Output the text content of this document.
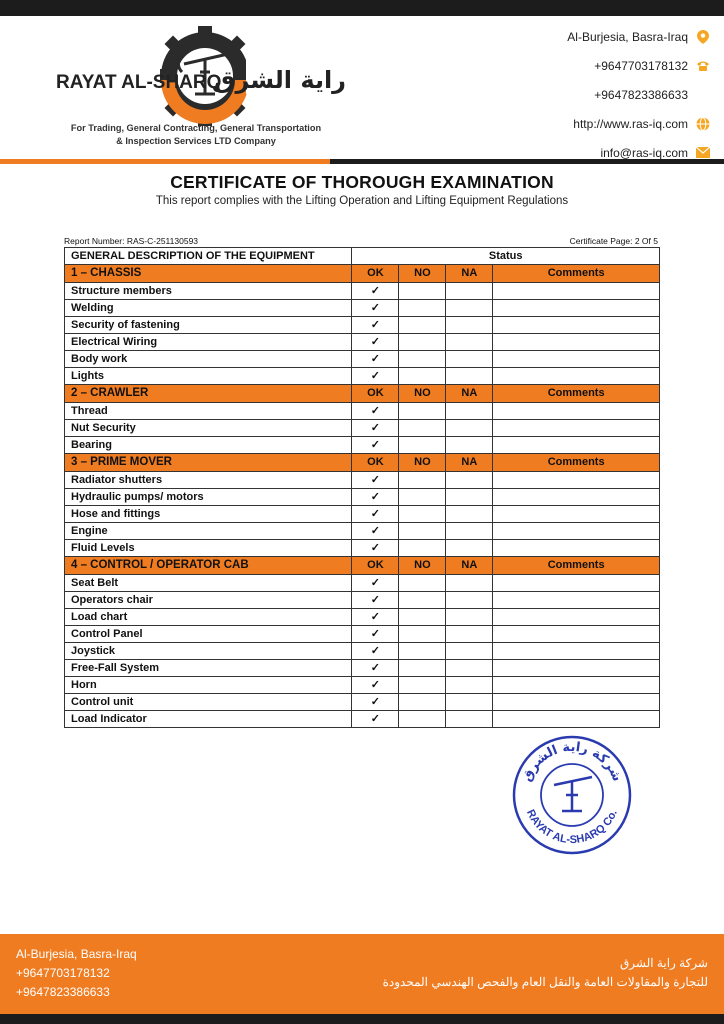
RAYAT AL-SHARQ
راية الشرق
For Trading, General Contracting, General Transportation
& Inspection Services LTD Company
Al-Burjesia, Basra-Iraq
+9647703178132
+9647823386633
http://www.ras-iq.com
info@ras-iq.com
CERTIFICATE OF THOROUGH EXAMINATION
This report complies with the Lifting Operation and Lifting Equipment Regulations
Report Number: RAS-C-251130593	Certificate Page: 2 Of 5
GENERAL DESCRIPTION OF THE EQUIPMENT	Status			
1 – CHASSIS	OK	NO	NA	Comments
Structure members	✓			
Welding	✓			
Security of fastening	✓			
Electrical Wiring	✓			
Body work	✓			
Lights	✓			
2 – CRAWLER	OK	NO	NA	Comments
Thread	✓			
Nut Security	✓			
Bearing	✓			
3 – PRIME MOVER	OK	NO	NA	Comments
Radiator shutters	✓			
Hydraulic pumps/ motors	✓			
Hose and fittings	✓			
Engine	✓			
Fluid Levels	✓			
4 – CONTROL / OPERATOR CAB	OK	NO	NA	Comments
Seat Belt	✓			
Operators chair	✓			
Load chart	✓			
Control Panel	✓			
Joystick	✓			
Free-Fall System	✓			
Horn	✓			
Control unit	✓			
Load Indicator	✓			
شركة راية الشرق
RAYAT AL-SHARQ Co.
Al-Burjesia, Basra-Iraq
+9647703178132
+9647823386633
شركة راية الشرق
للتجارة والمقاولات العامة والنقل العام والفحص الهندسي المحدودة
